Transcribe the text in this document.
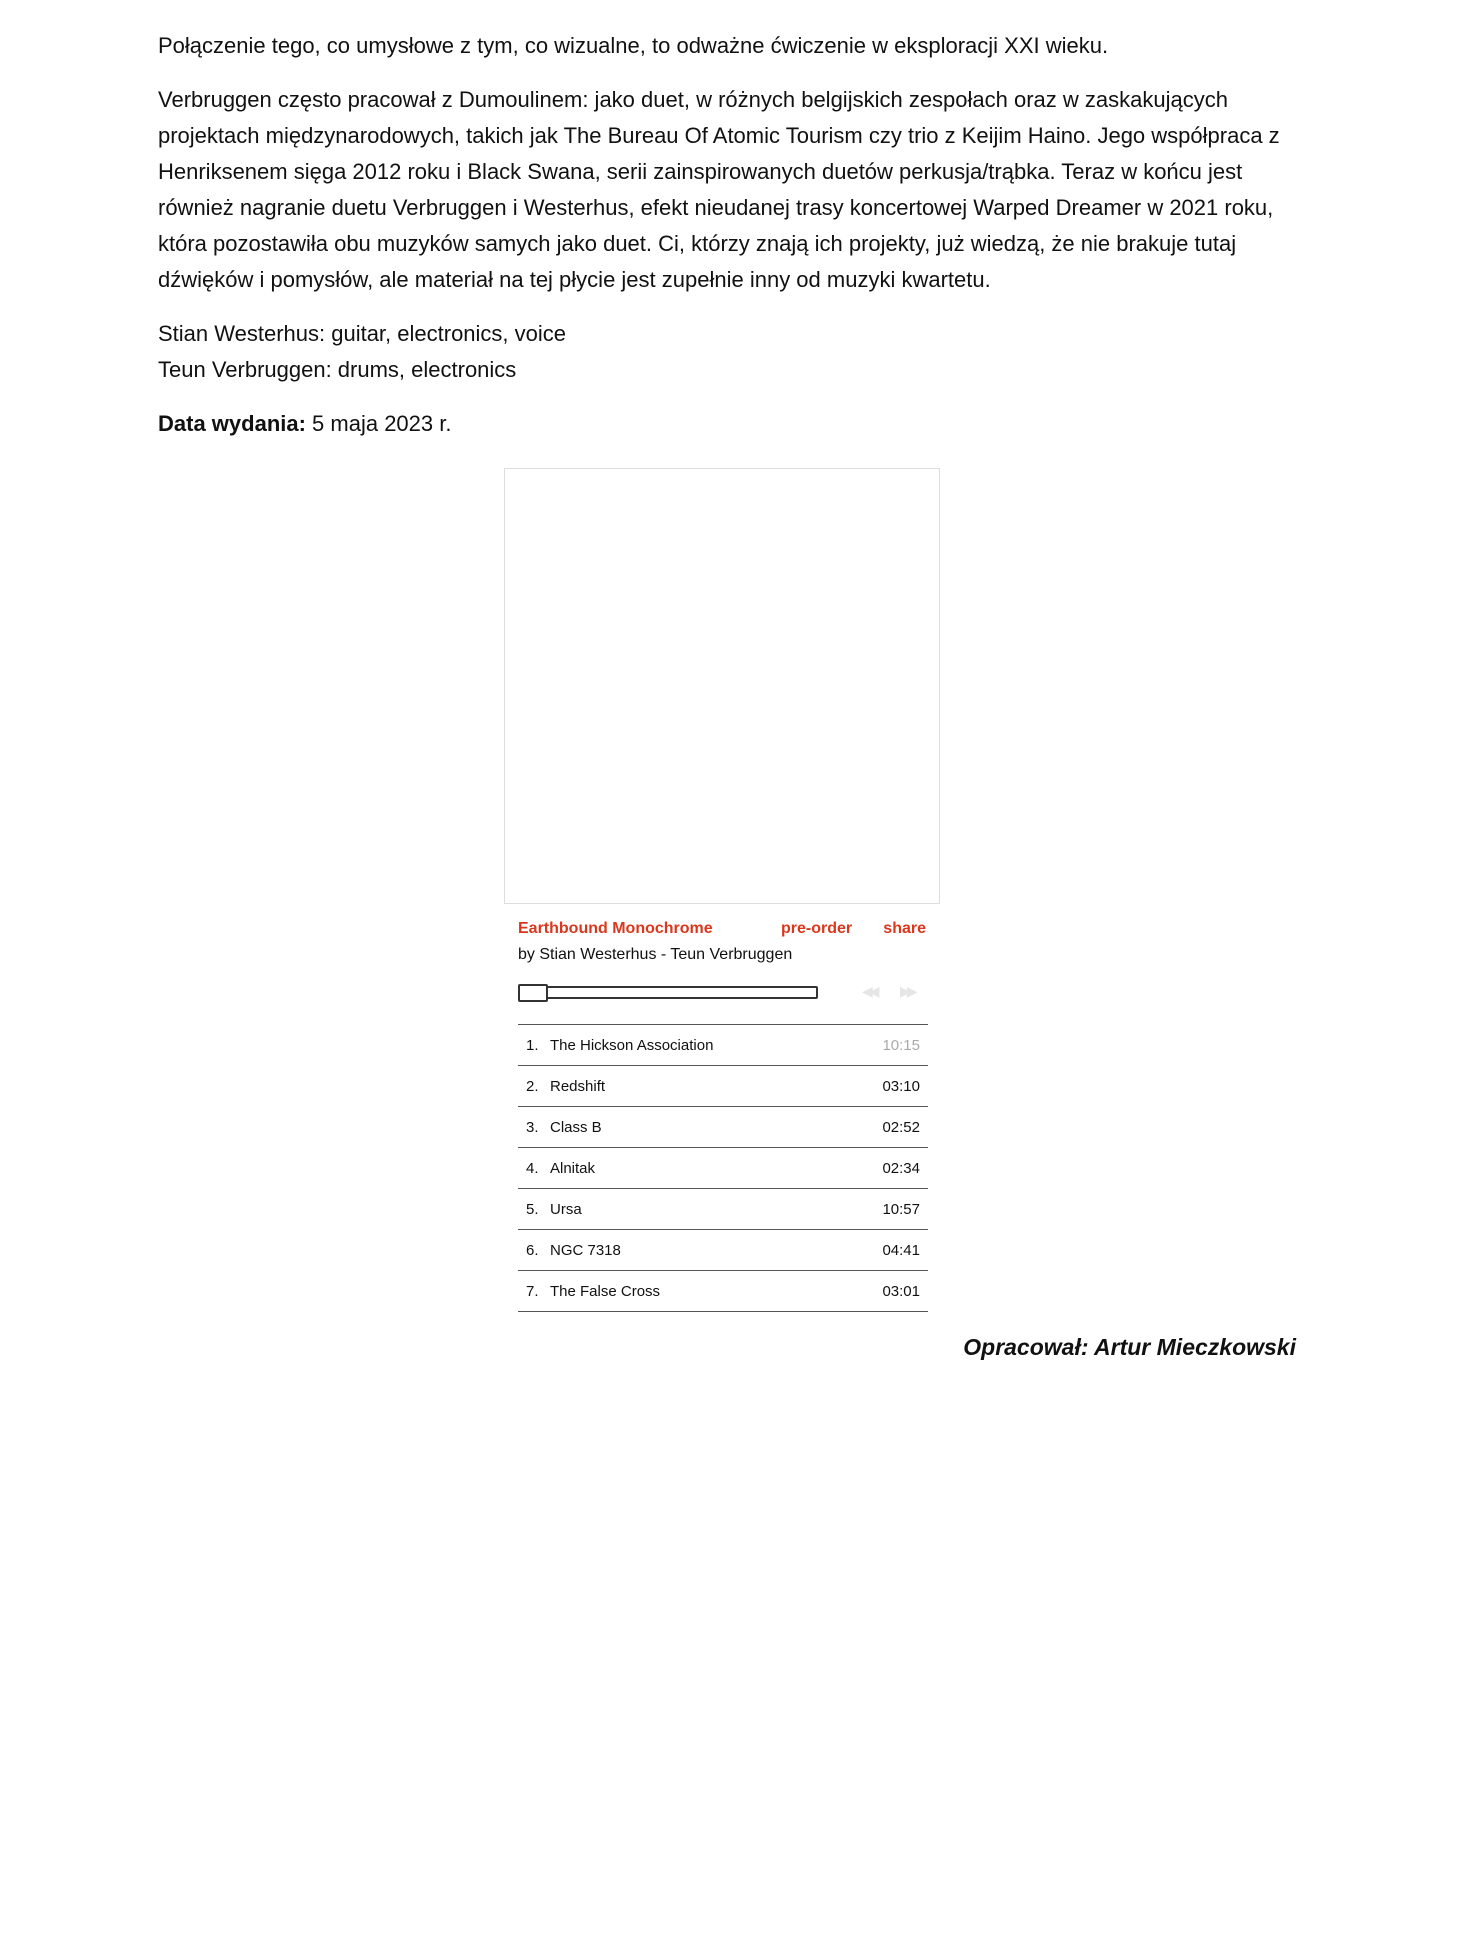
Połączenie tego, co umysłowe z tym, co wizualne, to odważne ćwiczenie w eksploracji XXI wieku.

Verbruggen często pracował z Dumoulinem: jako duet, w różnych belgijskich zespołach oraz w zaskakujących projektach międzynarodowych, takich jak The Bureau Of Atomic Tourism czy trio z Keijim Haino. Jego współpraca z Henriksenem sięga 2012 roku i Black Swana, serii zainspirowanych duetów perkusja/trąbka. Teraz w końcu jest również nagranie duetu Verbruggen i Westerhus, efekt nieudanej trasy koncertowej Warped Dreamer w 2021 roku, która pozostawiła obu muzyków samych jako duet. Ci, którzy znają ich projekty, już wiedzą, że nie brakuje tutaj dźwięków i pomysłów, ale materiał na tej płycie jest zupełnie inny od muzyki kwartetu.

Stian Westerhus: guitar, electronics, voice
Teun Verbruggen: drums, electronics

Data wydania: 5 maja 2023 r.

Earthbound Monochrome	pre-order share
by Stian Westerhus - Teun Verbruggen
◀◀ ▶▶
1. The Hickson Association	10:15
2. Redshift	03:10
3. Class B	02:52
4. Alnitak	02:34
5. Ursa	10:57
6. NGC 7318	04:41
7. The False Cross	03:01
Opracował: Artur Mieczkowski
